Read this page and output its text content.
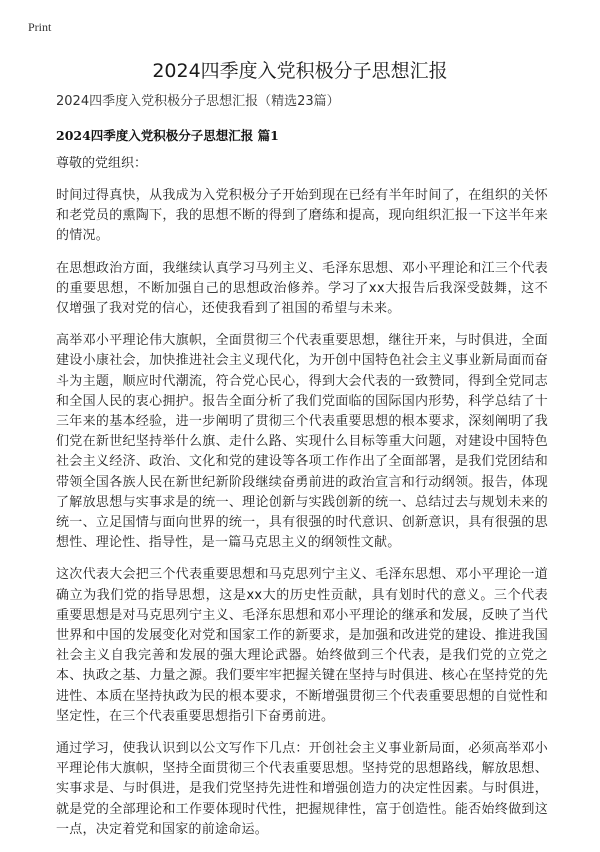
Print
2024四季度入党积极分子思想汇报

2024四季度入党积极分子思想汇报（精选23篇）

2024四季度入党积极分子思想汇报 篇1

尊敬的党组织：

时间过得真快，从我成为入党积极分子开始到现在已经有半年时间了，在组织的关怀和老党员的熏陶下，我的思想不断的得到了磨练和提高，现向组织汇报一下这半年来的情况。

在思想政治方面，我继续认真学习马列主义、毛泽东思想、邓小平理论和江三个代表的重要思想，不断加强自己的思想政治修养。学习了xx大报告后我深受鼓舞，这不仅增强了我对党的信心，还使我看到了祖国的希望与未来。

高举邓小平理论伟大旗帜，全面贯彻三个代表重要思想，继往开来，与时俱进，全面建设小康社会，加快推进社会主义现代化，为开创中国特色社会主义事业新局面而奋斗为主题，顺应时代潮流，符合党心民心，得到大会代表的一致赞同，得到全党同志和全国人民的衷心拥护。报告全面分析了我们党面临的国际国内形势，科学总结了十三年来的基本经验，进一步阐明了贯彻三个代表重要思想的根本要求，深刻阐明了我们党在新世纪坚持举什么旗、走什么路、实现什么目标等重大问题，对建设中国特色社会主义经济、政治、文化和党的建设等各项工作作出了全面部署，是我们党团结和带领全国各族人民在新世纪新阶段继续奋勇前进的政治宣言和行动纲领。报告，体现了解放思想与实事求是的统一、理论创新与实践创新的统一、总结过去与规划未来的统一、立足国情与面向世界的统一，具有很强的时代意识、创新意识，具有很强的思想性、理论性、指导性，是一篇马克思主义的纲领性文献。

这次代表大会把三个代表重要思想和马克思列宁主义、毛泽东思想、邓小平理论一道确立为我们党的指导思想，这是xx大的历史性贡献，具有划时代的意义。三个代表重要思想是对马克思列宁主义、毛泽东思想和邓小平理论的继承和发展，反映了当代世界和中国的发展变化对党和国家工作的新要求，是加强和改进党的建设、推进我国社会主义自我完善和发展的强大理论武器。始终做到三个代表，是我们党的立党之本、执政之基、力量之源。我们要牢牢把握关键在坚持与时俱进、核心在坚持党的先进性、本质在坚持执政为民的根本要求，不断增强贯彻三个代表重要思想的自觉性和坚定性，在三个代表重要思想指引下奋勇前进。

通过学习，使我认识到以公文写作下几点：开创社会主义事业新局面，必须高举邓小平理论伟大旗帜，坚持全面贯彻三个代表重要思想。坚持党的思想路线，解放思想、实事求是、与时俱进，是我们党坚持先进性和增强创造力的决定性因素。与时俱进，就是党的全部理论和工作要体现时代性，把握规律性，富于创造性。能否始终做到这一点，决定着党和国家的前途命运。
